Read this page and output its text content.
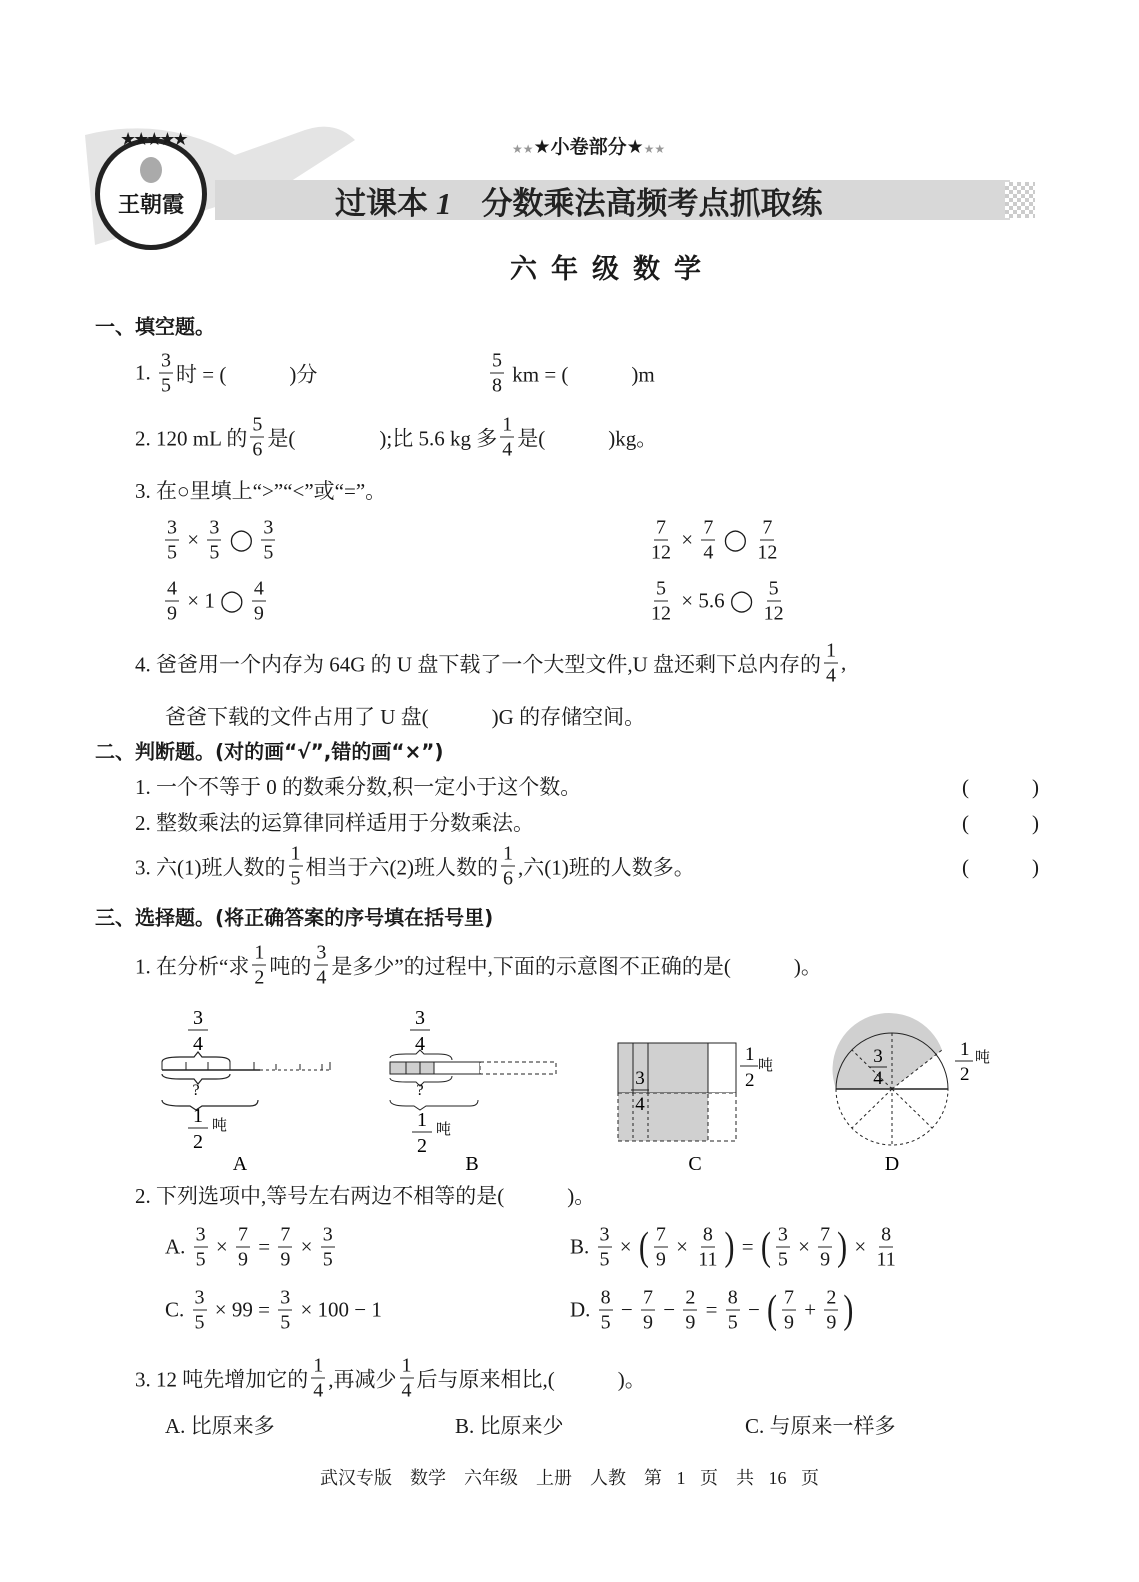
★★★★★
王朝霞
★★★小卷部分★★★
过课本 1 分数乘法高频考点抓取练
六年级数学
一、填空题。
二、判断题。(对的画“√”,错的画“×”)
三、选择题。(将正确答案的序号填在括号里)
1. $\frac{3}{5}$ 时 = (　　　)分	$\frac{5}{8}$ km = (　　　)m
2. 120 mL 的 $\frac{5}{6}$ 是(　　　　);比 5.6 kg 多 $\frac{1}{4}$ 是(　　　)kg。
3. 在○里填上“>”“<”或“=”。
$\frac{3}{5} \times \frac{3}{5}$ ◯ $\frac{3}{5}$	$\frac{7}{12} \times \frac{7}{4}$ ◯ $\frac{7}{12}$
$\frac{4}{9} \times 1$ ◯ $\frac{4}{9}$	$\frac{5}{12} \times 5.6$ ◯ $\frac{5}{12}$
4. 爸爸用一个内存为 64G 的 U 盘下载了一个大型文件,U 盘还剩下总内存的 $\frac{1}{4}$ ,
爸爸下载的文件占用了 U 盘(　　　)G 的存储空间。
1. 一个不等于 0 的数乘分数,积一定小于这个数。	(　　　)
2. 整数乘法的运算律同样适用于分数乘法。	(　　　)
3. 六(1)班人数的 $\frac{1}{5}$ 相当于六(2)班人数的 $\frac{1}{6}$ ,六(1)班的人数多。	(　　　)
1. 在分析“求 $\frac{1}{2}$ 吨的 $\frac{3}{4}$ 是多少”的过程中,下面的示意图不正确的是(　　　)。
3
4
?
1
2
吨
A
3
4
?
1
2
吨
B
3
4
1
2
吨
C
3
4
1
2
吨
D
2. 下列选项中,等号左右两边不相等的是(　　　)。
A. $\frac{3}{5} \times \frac{7}{9} = \frac{7}{9} \times \frac{3}{5}$	B. $\frac{3}{5}$ × ( $\frac{7}{9} \times \frac{8}{11}$ ) = ( $\frac{3}{5} \times \frac{7}{9}$ ) × $\frac{8}{11}$
C. $\frac{3}{5} \times 99 = \frac{3}{5} \times 100 - 1$	D. $\frac{8}{5} - \frac{7}{9} - \frac{2}{9} = \frac{8}{5}$ − ( $\frac{7}{9} + \frac{2}{9}$ )
3. 12 吨先增加它的 $\frac{1}{4}$ ,再减少 $\frac{1}{4}$ 后与原来相比,(　　　)。
A. 比原来多	B. 比原来少	C. 与原来一样多
武汉专版　数学　六年级　上册　人教　第 1 页　共 16 页
